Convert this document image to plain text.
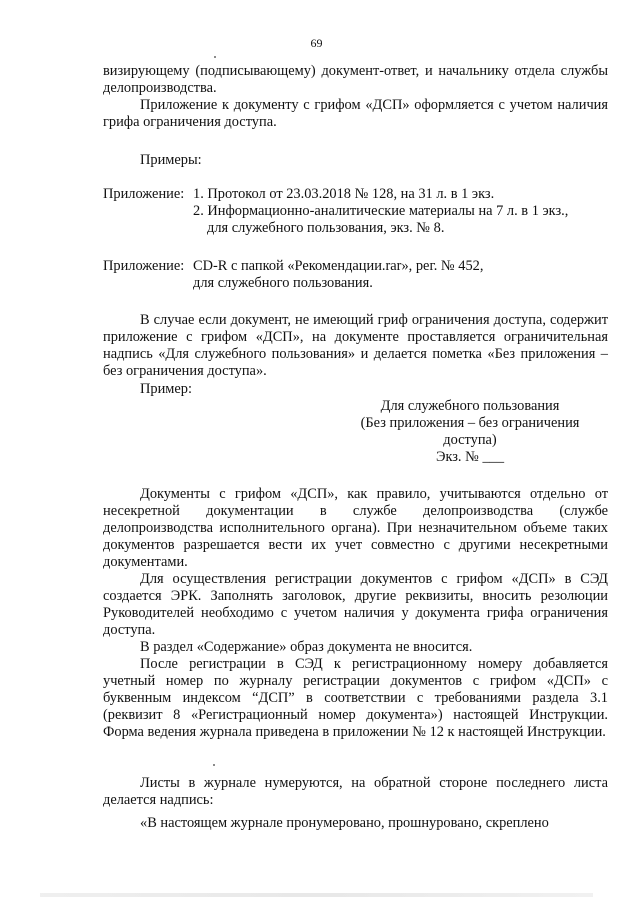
69
визирующему (подписывающему) документ-ответ, и начальнику отдела службы делопроизводства.
Приложение к документу с грифом «ДСП» оформляется с учетом наличия грифа ограничения доступа.
Примеры:
Приложение: 1. Протокол от 23.03.2018 № 128, на 31 л. в 1 экз.
2. Информационно-аналитические материалы на 7 л. в 1 экз.,
для служебного пользования, экз. № 8.
Приложение: CD-R с папкой «Рекомендации.rar», рег. № 452,
для служебного пользования.
В случае если документ, не имеющий гриф ограничения доступа, содержит приложение с грифом «ДСП», на документе проставляется ограничительная надпись «Для служебного пользования» и делается пометка «Без приложения – без ограничения доступа».
Пример:
Для служебного пользования
(Без приложения – без ограничения
доступа)
Экз. № ___
Документы с грифом «ДСП», как правило, учитываются отдельно от несекретной документации в службе делопроизводства (службе делопроизводства исполнительного органа). При незначительном объеме таких документов разрешается вести их учет совместно с другими несекретными документами.
Для осуществления регистрации документов с грифом «ДСП» в СЭД создается ЭРК. Заполнять заголовок, другие реквизиты, вносить резолюции Руководителей необходимо с учетом наличия у документа грифа ограничения доступа.
В раздел «Содержание» образ документа не вносится.
После регистрации в СЭД к регистрационному номеру добавляется учетный номер по журналу регистрации документов с грифом «ДСП» с буквенным индексом “ДСП” в соответствии с требованиями раздела 3.1 (реквизит 8 «Регистрационный номер документа») настоящей Инструкции. Форма ведения журнала приведена в приложении № 12 к настоящей Инструкции.
Листы в журнале нумеруются, на обратной стороне последнего листа делается надпись:
«В настоящем журнале пронумеровано, прошнуровано, скреплено
